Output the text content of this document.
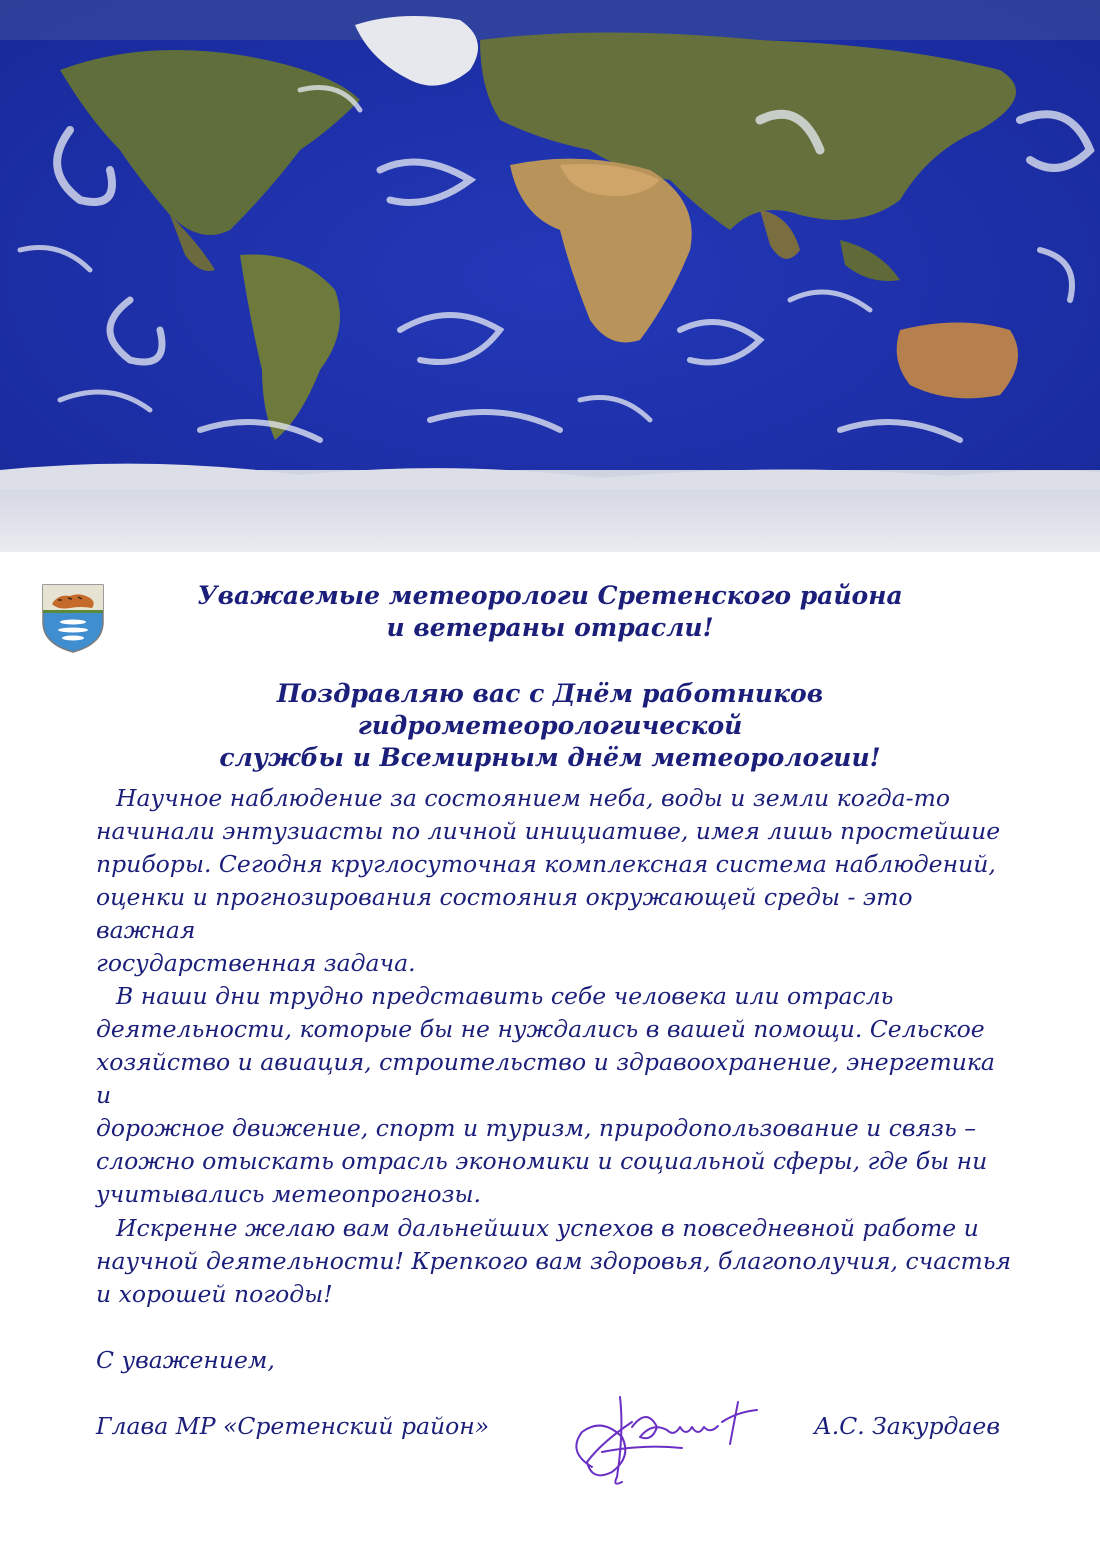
Уважаемые метеорологи Сретенского района
и ветераны отрасли!
Поздравляю вас с Днём работников гидрометеорологической
службы и Всемирным днём метеорологии!
Научное наблюдение за состоянием неба, воды и земли когда-то
начинали энтузиасты по личной инициативе, имея лишь простейшие
приборы. Сегодня круглосуточная комплексная система наблюдений,
оценки и прогнозирования состояния окружающей среды - это важная
государственная задача.
В наши дни трудно представить себе человека или отрасль
деятельности, которые бы не нуждались в вашей помощи. Сельское
хозяйство и авиация, строительство и здравоохранение, энергетика и
дорожное движение, спорт и туризм, природопользование и связь –
сложно отыскать отрасль экономики и социальной сферы, где бы ни
учитывались метеопрогнозы.
Искренне желаю вам дальнейших успехов в повседневной работе и
научной деятельности! Крепкого вам здоровья, благополучия, счастья
и хорошей погоды!
С уважением,
Глава МР «Сретенский район»	А.С. Закурдаев
